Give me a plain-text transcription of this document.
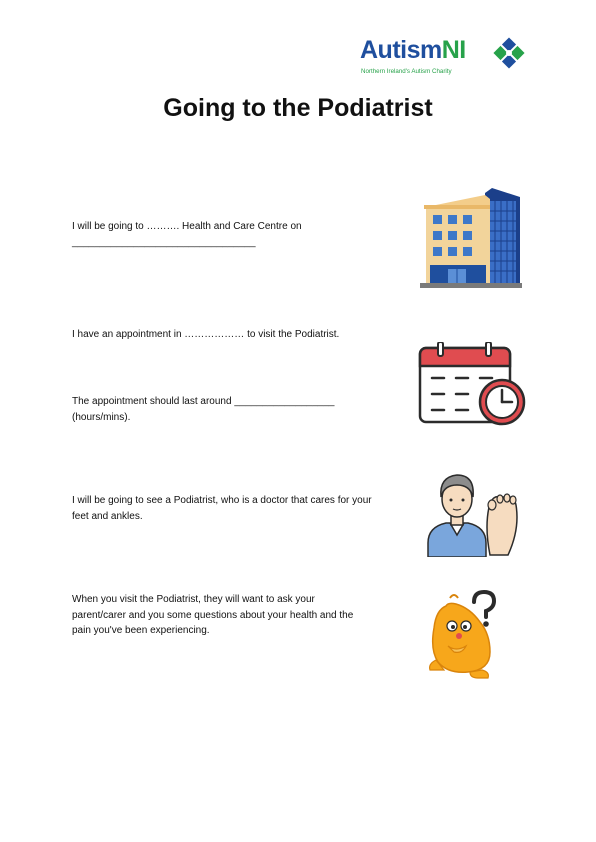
AutismNI
Northern Ireland's Autism Charity
Going to the Podiatrist

I will be going to ………. Health and Care Centre on
_________________________________

I have an appointment in ……………… to visit the Podiatrist.

The appointment should last around __________________
(hours/mins).

I will be going to see a Podiatrist, who is a doctor that cares for your
feet and ankles.

When you visit the Podiatrist, they will want to ask your
parent/carer and you some questions about your health and the
pain you've been experiencing.
